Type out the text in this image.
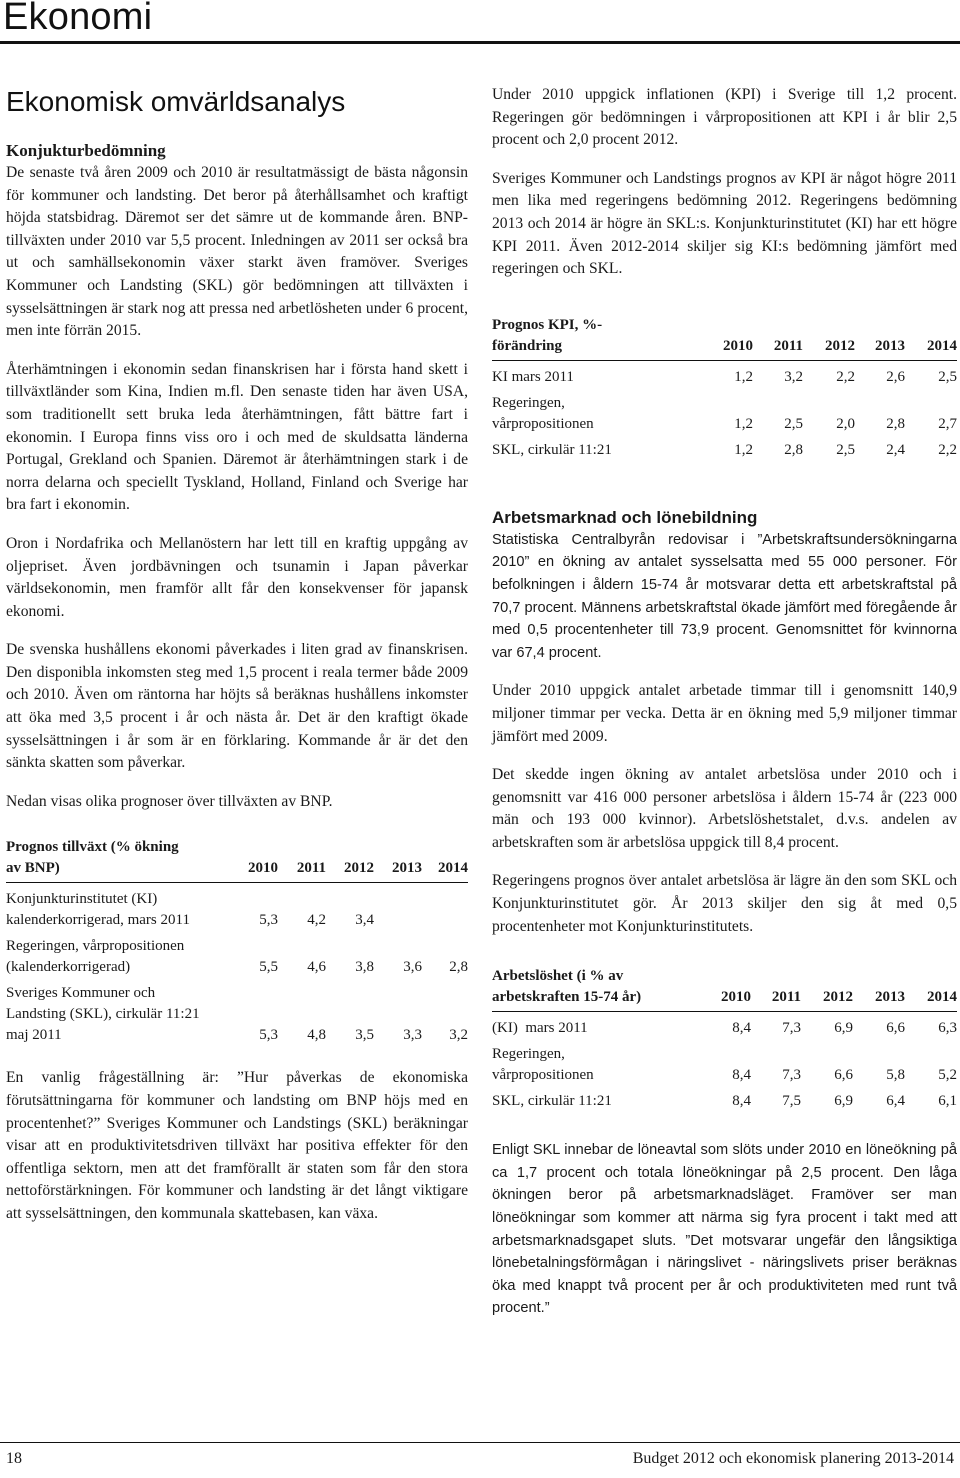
Ekonomi
Ekonomisk omvärldsanalys
Konjukturbedömning

De senaste två åren 2009 och 2010 är resultatmässigt de bästa någonsin för kommuner och landsting. Det beror på återhållsamhet och kraftigt höjda statsbidrag. Däremot ser det sämre ut de kommande åren. BNP-tillväxten under 2010 var 5,5 procent. Inledningen av 2011 ser också bra ut och samhällsekonomin växer starkt även framöver. Sveriges Kommuner och Landsting (SKL) gör bedömningen att tillväxten i sysselsättningen är stark nog att pressa ned arbetlösheten under 6 procent, men inte förrän 2015.

Återhämtningen i ekonomin sedan finanskrisen har i första hand skett i tillväxtländer som Kina, Indien m.fl. Den senaste tiden har även USA, som traditionellt sett bruka leda återhämtningen, fått bättre fart i ekonomin. I Europa finns viss oro i och med de skuldsatta länderna Portugal, Grekland och Spanien. Däremot är återhämtningen stark i de norra delarna och speciellt Tyskland, Holland, Finland och Sverige har bra fart i ekonomin.

Oron i Nordafrika och Mellanöstern har lett till en kraftig uppgång av oljepriset. Även jordbävningen och tsunamin i Japan påverkar världsekonomin, men framför allt får den konsekvenser för japansk ekonomi.

De svenska hushållens ekonomi påverkades i liten grad av finanskrisen. Den disponibla inkomsten steg med 1,5 procent i reala termer både 2009 och 2010. Även om räntorna har höjts så beräknas hushållens inkomster att öka med 3,5 procent i år och nästa år. Det är den kraftigt ökade sysselsättningen i år som är en förklaring. Kommande år är det den sänkta skatten som påverkar.

Nedan visas olika prognoser över tillväxten av BNP.

Prognos tillväxt (% ökning av BNP)	2010	2011	2012	2013	2014
Konjunkturinstitutet (KI) kalenderkorrigerad, mars 2011	5,3	4,2	3,4		
Regeringen, vårpropositionen (kalenderkorrigerad)	5,5	4,6	3,8	3,6	2,8
Sveriges Kommuner och Landsting (SKL), cirkulär 11:21 maj 2011	5,3	4,8	3,5	3,3	3,2

En vanlig frågeställning är: ”Hur påverkas de ekonomiska förutsättningarna för kommuner och landsting om BNP höjs med en procentenhet?” Sveriges Kommuner och Landstings (SKL) beräkningar visar att en produktivitetsdriven tillväxt har positiva effekter för den offentliga sektorn, men att det framförallt är staten som får den stora nettoförstärkningen. För kommuner och landsting är det långt viktigare att sysselsättningen, den kommunala skattebasen, kan växa.

Under 2010 uppgick inflationen (KPI) i Sverige till 1,2 procent. Regeringen gör bedömningen i vårpropositionen att KPI i år blir 2,5 procent och 2,0 procent 2012.

Sveriges Kommuner och Landstings prognos av KPI är något högre 2011 men lika med regeringens bedömning 2012. Regeringens bedömning 2013 och 2014 är högre än SKL:s. Konjunkturinstitutet (KI) har ett högre KPI 2011. Även 2012-2014 skiljer sig KI:s bedömning jämfört med regeringen och SKL.

Prognos KPI, %-förändring	2010	2011	2012	2013	2014
KI mars 2011	1,2	3,2	2,2	2,6	2,5
Regeringen, vårpropositionen	1,2	2,5	2,0	2,8	2,7
SKL, cirkulär 11:21	1,2	2,8	2,5	2,4	2,2
Arbetsmarknad och lönebildning

Statistiska Centralbyrån redovisar i ”Arbetskraftsundersökningarna 2010” en ökning av antalet sysselsatta med 55 000 personer. För befolkningen i åldern 15-74 år motsvarar detta ett arbetskraftstal på 70,7 procent. Männens arbetskraftstal ökade jämfört med föregående år med 0,5 procentenheter till 73,9 procent. Genomsnittet för kvinnorna var 67,4 procent.

Under 2010 uppgick antalet arbetade timmar till i genomsnitt 140,9 miljoner timmar per vecka. Detta är en ökning med 5,9 miljoner timmar jämfört med 2009.

Det skedde ingen ökning av antalet arbetslösa under 2010 och i genomsnitt var 416 000 personer arbetslösa i åldern 15-74 år (223 000 män och 193 000 kvinnor). Arbetslöshetstalet, d.v.s. andelen av arbetskraften som är arbetslösa uppgick till 8,4 procent.

Regeringens prognos över antalet arbetslösa är lägre än den som SKL och Konjunkturinstitutet gör. År 2013 skiljer den sig åt med 0,5 procentenheter mot Konjunkturinstitutets.

Arbetslöshet (i % av arbetskraften 15-74 år)	2010	2011	2012	2013	2014
(KI)  mars 2011	8,4	7,3	6,9	6,6	6,3
Regeringen, vårpropositionen	8,4	7,3	6,6	5,8	5,2
SKL, cirkulär 11:21	8,4	7,5	6,9	6,4	6,1

Enligt SKL innebar de löneavtal som slöts under 2010 en löneökning på ca 1,7 procent och totala löneökningar på 2,5 procent. Den låga ökningen beror på arbetsmarknadsläget. Framöver ser man löneökningar som kommer att närma sig fyra procent i takt med att arbetsmarknadsgapet sluts. ”Det motsvarar ungefär den långsiktiga lönebetalningsförmågan i näringslivet - näringslivets priser beräknas öka med knappt två procent per år och produktiviteten med runt två procent.”

18	Budget 2012 och ekonomisk planering 2013-2014
